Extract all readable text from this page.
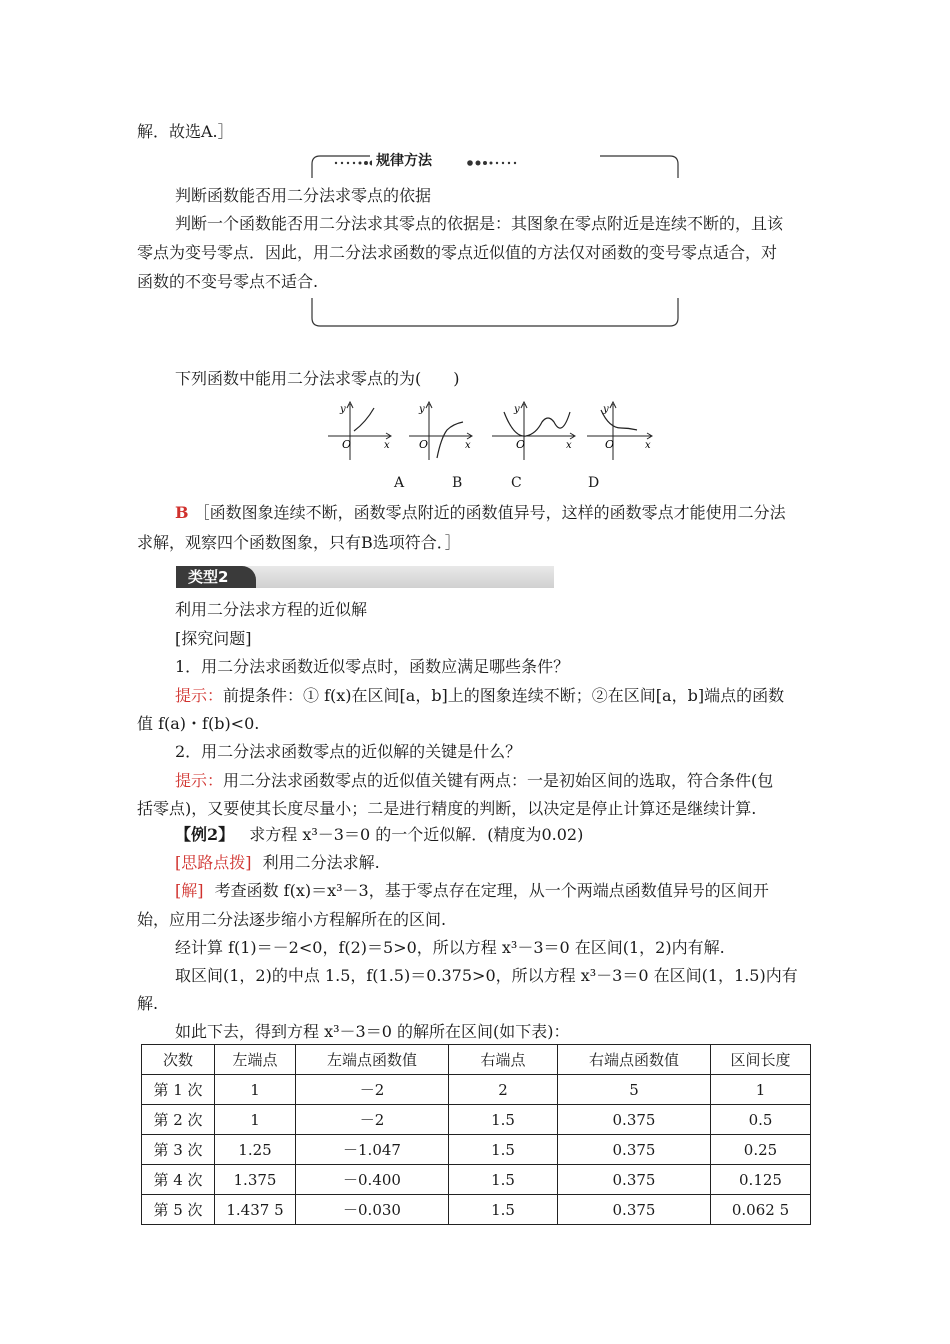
解．故选A.］
规律方法
判断函数能否用二分法求零点的依据
判断一个函数能否用二分法求其零点的依据是：其图象在零点附近是连续不断的，且该
零点为变号零点．因此，用二分法求函数的零点近似值的方法仅对函数的变号零点适合，对
函数的不变号零点不适合.
下列函数中能用二分法求零点的为(　　)
y
x
O
y
x
O
y
x
O
y
x
O
A	B	C	D
B ［函数图象连续不断，函数零点附近的函数值异号，这样的函数零点才能使用二分法
求解，观察四个函数图象，只有B选项符合．］
类型2
利用二分法求方程的近似解
[探究问题]
1．用二分法求函数近似零点时，函数应满足哪些条件？
提示：前提条件：① f(x)在区间[a，b]上的图象连续不断；②在区间[a，b]端点的函数
值 f(a)・f(b)<0.
2．用二分法求函数零点的近似解的关键是什么？
提示：用二分法求函数零点的近似值关键有两点：一是初始区间的选取，符合条件(包
括零点)，又要使其长度尽量小；二是进行精度的判断，以决定是停止计算还是继续计算.
【例2】 求方程 x³－3＝0 的一个近似解．(精度为0.02)
[思路点拨] 利用二分法求解.
[解] 考查函数 f(x)＝x³－3，基于零点存在定理，从一个两端点函数值异号的区间开
始，应用二分法逐步缩小方程解所在的区间.
经计算 f(1)＝－2<0，f(2)＝5>0，所以方程 x³－3＝0 在区间(1，2)内有解.
取区间(1，2)的中点 1.5，f(1.5)＝0.375>0，所以方程 x³－3＝0 在区间(1，1.5)内有
解.
如此下去，得到方程 x³－3＝0 的解所在区间(如下表)：
次数	左端点	左端点函数值	右端点	右端点函数值	区间长度
第 1 次	1	－2	2	5	1
第 2 次	1	－2	1.5	0.375	0.5
第 3 次	1.25	－1.047	1.5	0.375	0.25
第 4 次	1.375	－0.400	1.5	0.375	0.125
第 5 次	1.437 5	－0.030	1.5	0.375	0.062 5
